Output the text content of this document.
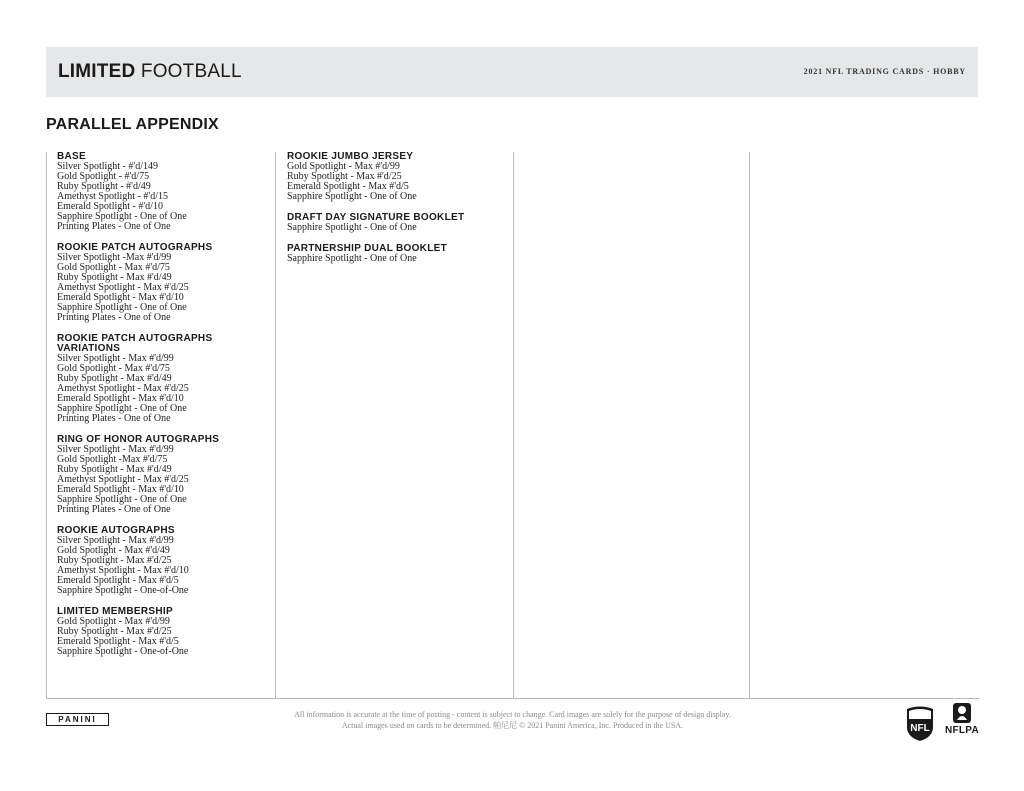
LIMITED FOOTBALL	2021 NFL TRADING CARDS · HOBBY
PARALLEL APPENDIX
BASE
Silver Spotlight - #'d/149
Gold Spotlight - #'d/75
Ruby Spotlight - #'d/49
Amethyst Spotlight - #'d/15
Emerald Spotlight - #'d/10
Sapphire Spotlight - One of One
Printing Plates - One of One
ROOKIE PATCH AUTOGRAPHS
Silver Spotlight -Max #'d/99
Gold Spotlight - Max #'d/75
Ruby Spotlight - Max #'d/49
Amethyst Spotlight - Max #'d/25
Emerald Spotlight - Max #'d/10
Sapphire Spotlight - One of One
Printing Plates - One of One
ROOKIE PATCH AUTOGRAPHS VARIATIONS
Silver Spotlight - Max #'d/99
Gold Spotlight - Max #'d/75
Ruby Spotlight - Max #'d/49
Amethyst Spotlight - Max #'d/25
Emerald Spotlight - Max #'d/10
Sapphire Spotlight - One of One
Printing Plates - One of One
RING OF HONOR AUTOGRAPHS
Silver Spotlight - Max #'d/99
Gold Spotlight -Max #'d/75
Ruby Spotlight - Max #'d/49
Amethyst Spotlight - Max #'d/25
Emerald Spotlight - Max #'d/10
Sapphire Spotlight - One of One
Printing Plates - One of One
ROOKIE AUTOGRAPHS
Silver Spotlight - Max #'d/99
Gold Spotlight - Max #'d/49
Ruby Spotlight - Max #'d/25
Amethyst Spotlight - Max #'d/10
Emerald Spotlight - Max #'d/5
Sapphire Spotlight - One-of-One
LIMITED MEMBERSHIP
Gold Spotlight - Max #'d/99
Ruby Spotlight - Max #'d/25
Emerald Spotlight - Max #'d/5
Sapphire Spotlight - One-of-One
ROOKIE JUMBO JERSEY
Gold Spotlight - Max #'d/99
Ruby Spotlight - Max #'d/25
Emerald Spotlight - Max #'d/5
Sapphire Spotlight - One of One
DRAFT DAY SIGNATURE BOOKLET
Sapphire Spotlight - One of One
PARTNERSHIP DUAL BOOKLET
Sapphire Spotlight - One of One
PANINI
All information is accurate at the time of posting - content is subject to change. Card images are solely for the purpose of design display.
Actual images used on cards to be determined. 帕尼尼 © 2021 Panini America, Inc. Produced in the USA.	NFL NFLPA
